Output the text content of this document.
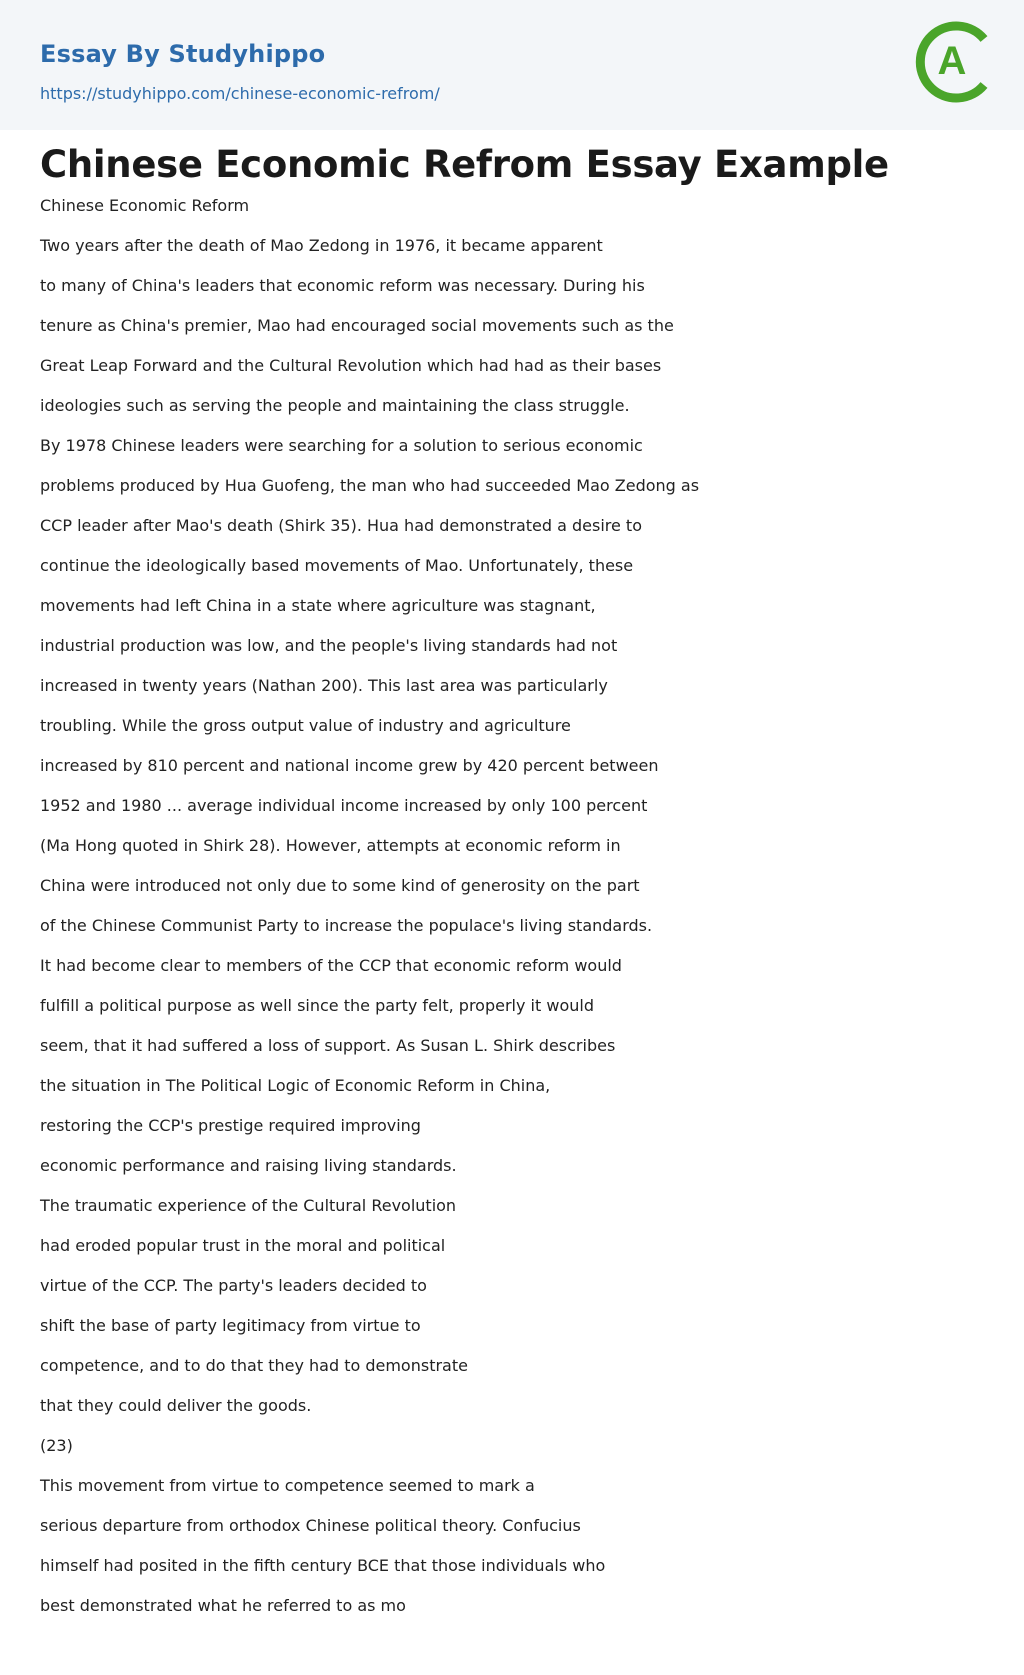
Essay By Studyhippo
https://studyhippo.com/chinese-economic-refrom/
A
Chinese Economic Refrom Essay Example
Chinese Economic Reform
Two years after the death of Mao Zedong in 1976, it became apparent
to many of China's leaders that economic reform was necessary. During his
tenure as China's premier, Mao had encouraged social movements such as the
Great Leap Forward and the Cultural Revolution which had had as their bases
ideologies such as serving the people and maintaining the class struggle.
By 1978 Chinese leaders were searching for a solution to serious economic
problems produced by Hua Guofeng, the man who had succeeded Mao Zedong as
CCP leader after Mao's death (Shirk 35). Hua had demonstrated a desire to
continue the ideologically based movements of Mao. Unfortunately, these
movements had left China in a state where agriculture was stagnant,
industrial production was low, and the people's living standards had not
increased in twenty years (Nathan 200). This last area was particularly
troubling. While the gross output value of industry and agriculture
increased by 810 percent and national income grew by 420 percent between
1952 and 1980 ... average individual income increased by only 100 percent
(Ma Hong quoted in Shirk 28). However, attempts at economic reform in
China were introduced not only due to some kind of generosity on the part
of the Chinese Communist Party to increase the populace's living standards.
It had become clear to members of the CCP that economic reform would
fulfill a political purpose as well since the party felt, properly it would
seem, that it had suffered a loss of support. As Susan L. Shirk describes
the situation in The Political Logic of Economic Reform in China,
restoring the CCP's prestige required improving
economic performance and raising living standards.
The traumatic experience of the Cultural Revolution
had eroded popular trust in the moral and political
virtue of the CCP. The party's leaders decided to
shift the base of party legitimacy from virtue to
competence, and to do that they had to demonstrate
that they could deliver the goods.
(23)
This movement from virtue to competence seemed to mark a
serious departure from orthodox Chinese political theory. Confucius
himself had posited in the fifth century BCE that those individuals who
best demonstrated what he referred to as mo
